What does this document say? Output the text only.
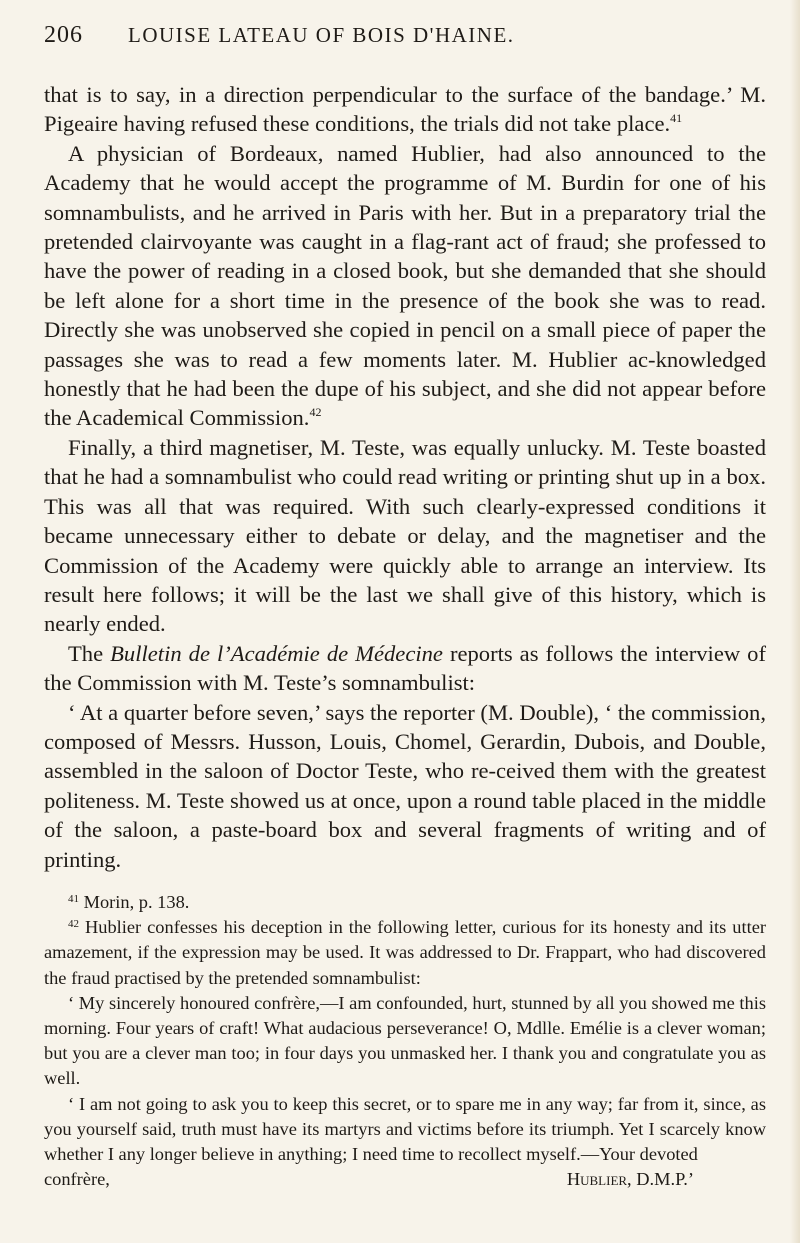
206	LOUISE LATEAU OF BOIS D'HAINE.

that is to say, in a direction perpendicular to the surface of the bandage.’ M. Pigeaire having refused these conditions, the trials did not take place.$^{41}$

A physician of Bordeaux, named Hublier, had also announced to the Academy that he would accept the programme of M. Burdin for one of his somnambulists, and he arrived in Paris with her. But in a preparatory trial the pretended clairvoyante was caught in a flag-rant act of fraud; she professed to have the power of reading in a closed book, but she demanded that she should be left alone for a short time in the presence of the book she was to read. Directly she was unobserved she copied in pencil on a small piece of paper the passages she was to read a few moments later. M. Hublier ac-knowledged honestly that he had been the dupe of his subject, and she did not appear before the Academical Commission.$^{42}$

Finally, a third magnetiser, M. Teste, was equally unlucky. M. Teste boasted that he had a somnambulist who could read writing or printing shut up in a box. This was all that was required. With such clearly-expressed conditions it became unnecessary either to debate or delay, and the magnetiser and the Commission of the Academy were quickly able to arrange an interview. Its result here follows; it will be the last we shall give of this history, which is nearly ended.

The Bulletin de l’Académie de Médecine reports as follows the interview of the Commission with M. Teste’s somnambulist:

‘ At a quarter before seven,’ says the reporter (M. Double), ‘ the commission, composed of Messrs. Husson, Louis, Chomel, Gerardin, Dubois, and Double, assembled in the saloon of Doctor Teste, who re-ceived them with the greatest politeness. M. Teste showed us at once, upon a round table placed in the middle of the saloon, a paste-board box and several fragments of writing and of printing.

$^{41}$ Morin, p. 138.

$^{42}$ Hublier confesses his deception in the following letter, curious for its honesty and its utter amazement, if the expression may be used. It was addressed to Dr. Frappart, who had discovered the fraud practised by the pretended somnambulist:

‘ My sincerely honoured confrère,—I am confounded, hurt, stunned by all you showed me this morning. Four years of craft! What audacious perseverance! O, Mdlle. Emélie is a clever woman; but you are a clever man too; in four days you unmasked her. I thank you and congratulate you as well.

‘ I am not going to ask you to keep this secret, or to spare me in any way; far from it, since, as you yourself said, truth must have its martyrs and victims before its triumph. Yet I scarcely know whether I any longer believe in anything; I need time to recollect myself.—Your devoted

confrère,	Hublier, D.M.P.’
